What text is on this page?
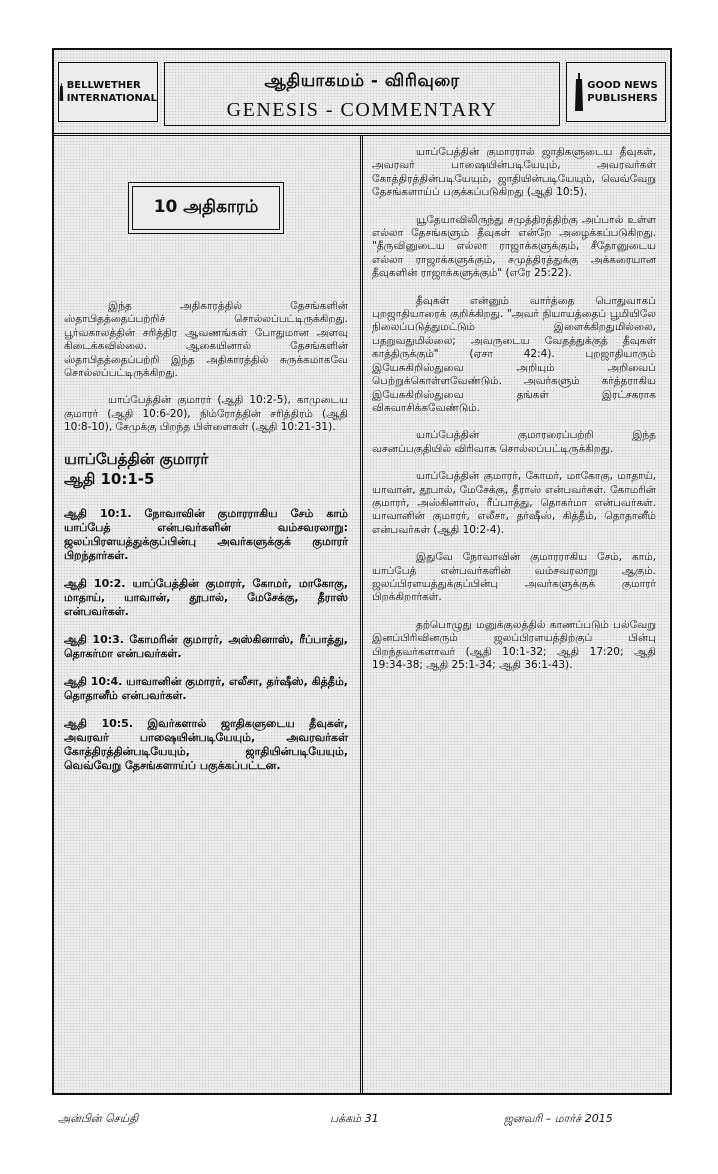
BELLWETHER
INTERNATIONAL
ஆதியாகமம் - விரிவுரை
GENESIS - COMMENTARY
GOOD NEWS
PUBLISHERS
10 அதிகாரம்

இந்த அதிகாரத்தில் தேசங்களின் ஸ்தாபிதத்தைப்பற்றிச் சொல்லப்பட்டிருக்கிறது. பூர்வகாலத்தின் சரித்திர ஆவணங்கள் போதுமான அளவு கிடைக்கவில்லை. ஆகையினால் தேசங்களின் ஸ்தாபிதத்தைப்பற்றி இந்த அதிகாரத்தில் சுருக்கமாகவே சொல்லப்பட்டிருக்கிறது.

யாப்பேத்தின் குமாரர் (ஆதி 10:2-5), காமுடைய குமாரர் (ஆதி 10:6-20), நிம்ரோத்தின் சரித்திரம் (ஆதி 10:8-10), சேமுக்கு பிறந்த பிள்ளைகள் (ஆதி 10:21-31).

யாப்பேத்தின் குமாரர்
ஆதி 10:1-5

ஆதி 10:1. நோவாவின் குமாரராகிய சேம் காம் யாப்பேத் என்பவர்களின் வம்சவரலாறு: ஜலப்பிரளயத்துக்குப்பின்பு அவர்களுக்குக் குமாரர் பிறந்தார்கள்.

ஆதி 10:2. யாப்பேத்தின் குமாரர், கோமர், மாகோகு, மாதாய், யாவான், தூபால், மேசேக்கு, தீராஸ் என்பவர்கள்.

ஆதி 10:3. கோமரின் குமாரர், அஸ்கினாஸ், ரீப்பாத்து, தொகர்மா என்பவர்கள்.

ஆதி 10:4. யாவானின் குமாரர், எலீசா, தர்ஷீஸ், கித்தீம், தொதானீம் என்பவர்கள்.

ஆதி 10:5. இவர்களால் ஜாதிகளுடைய தீவுகள், அவரவர் பாஷையின்படியேயும், அவரவர்கள் கோத்திரத்தின்படியேயும், ஜாதியின்படியேயும், வெவ்வேறு தேசங்களாய்ப் பகுக்கப்பட்டன.

யாப்பேத்தின் குமாரரால் ஜாதிகளுடைய தீவுகள், அவரவர் பாஷையின்படியேயும், அவரவர்கள் கோத்திரத்தின்படியேயும், ஜாதியின்படியேயும், வெவ்வேறு தேசங்களாய்ப் பகுக்கப்படுகிறது (ஆதி 10:5).

யூதேயாவிலிருந்து சமுத்திரத்திற்கு அப்பால் உள்ள எல்லா தேசங்களும் தீவுகள் என்றே அழைக்கப்படுகிறது. "தீருவினுடைய எல்லா ராஜாக்களுக்கும், சீதோனுடைய எல்லா ராஜாக்களுக்கும், சமுத்திரத்துக்கு அக்கரையான தீவுகளின் ராஜாக்களுக்கும்" (எரே 25:22).

தீவுகள் என்னும் வார்த்தை பொதுவாகப் புறஜாதியாரைக் குறிக்கிறது. "அவர் நியாயத்தைப் பூமியிலே நிலைப்படுத்துமட்டும் இளைக்கிறதுமில்லை, பதறுவதுமில்லை; அவருடைய வேதத்துக்குத் தீவுகள் காத்திருக்கும்" (ஏசா 42:4). புறஜாதியாரும் இயேசுகிறிஸ்துவை அறியும் அறிவைப் பெற்றுக்கொள்ளவேண்டும். அவர்களும் கர்த்தராகிய இயேசுகிறிஸ்துவை தங்கள் இரட்சகராக விசுவாசிக்கவேண்டும்.

யாப்பேத்தின் குமாரரைப்பற்றி இந்த வசனப்பகுதியில் விரிவாக சொல்லப்பட்டிருக்கிறது.

யாப்பேத்தின் குமாரர், கோமர், மாகோகு, மாதாய், யாவான், தூபால், மேசேக்கு, தீராஸ் என்பவர்கள். கோமரின் குமாரர், அஸ்கினாஸ், ரீப்பாத்து, தொகர்மா என்பவர்கள். யாவானின் குமாரர், எலீசா, தர்ஷீஸ், கித்தீம், தொதானீம் என்பவர்கள் (ஆதி 10:2-4).

இதுவே நோவாவின் குமாரராகிய சேம், காம், யாப்பேத் என்பவர்களின் வம்சவரலாறு ஆகும். ஜலப்பிரளயத்துக்குப்பின்பு அவர்களுக்குக் குமாரர் பிறக்கிறார்கள்.

தற்பொழுது மனுக்குலத்தில் காணப்படும் பல்வேறு இனப்பிரிவினரும் ஜலப்பிரளயத்திற்குப் பின்பு பிறந்தவர்களாவர் (ஆதி 10:1-32; ஆதி 17:20; ஆதி 19:34-38; ஆதி 25:1-34; ஆதி 36:1-43).

அன்பின் செய்தி	பக்கம் 31	ஜனவரி – மார்ச் 2015
